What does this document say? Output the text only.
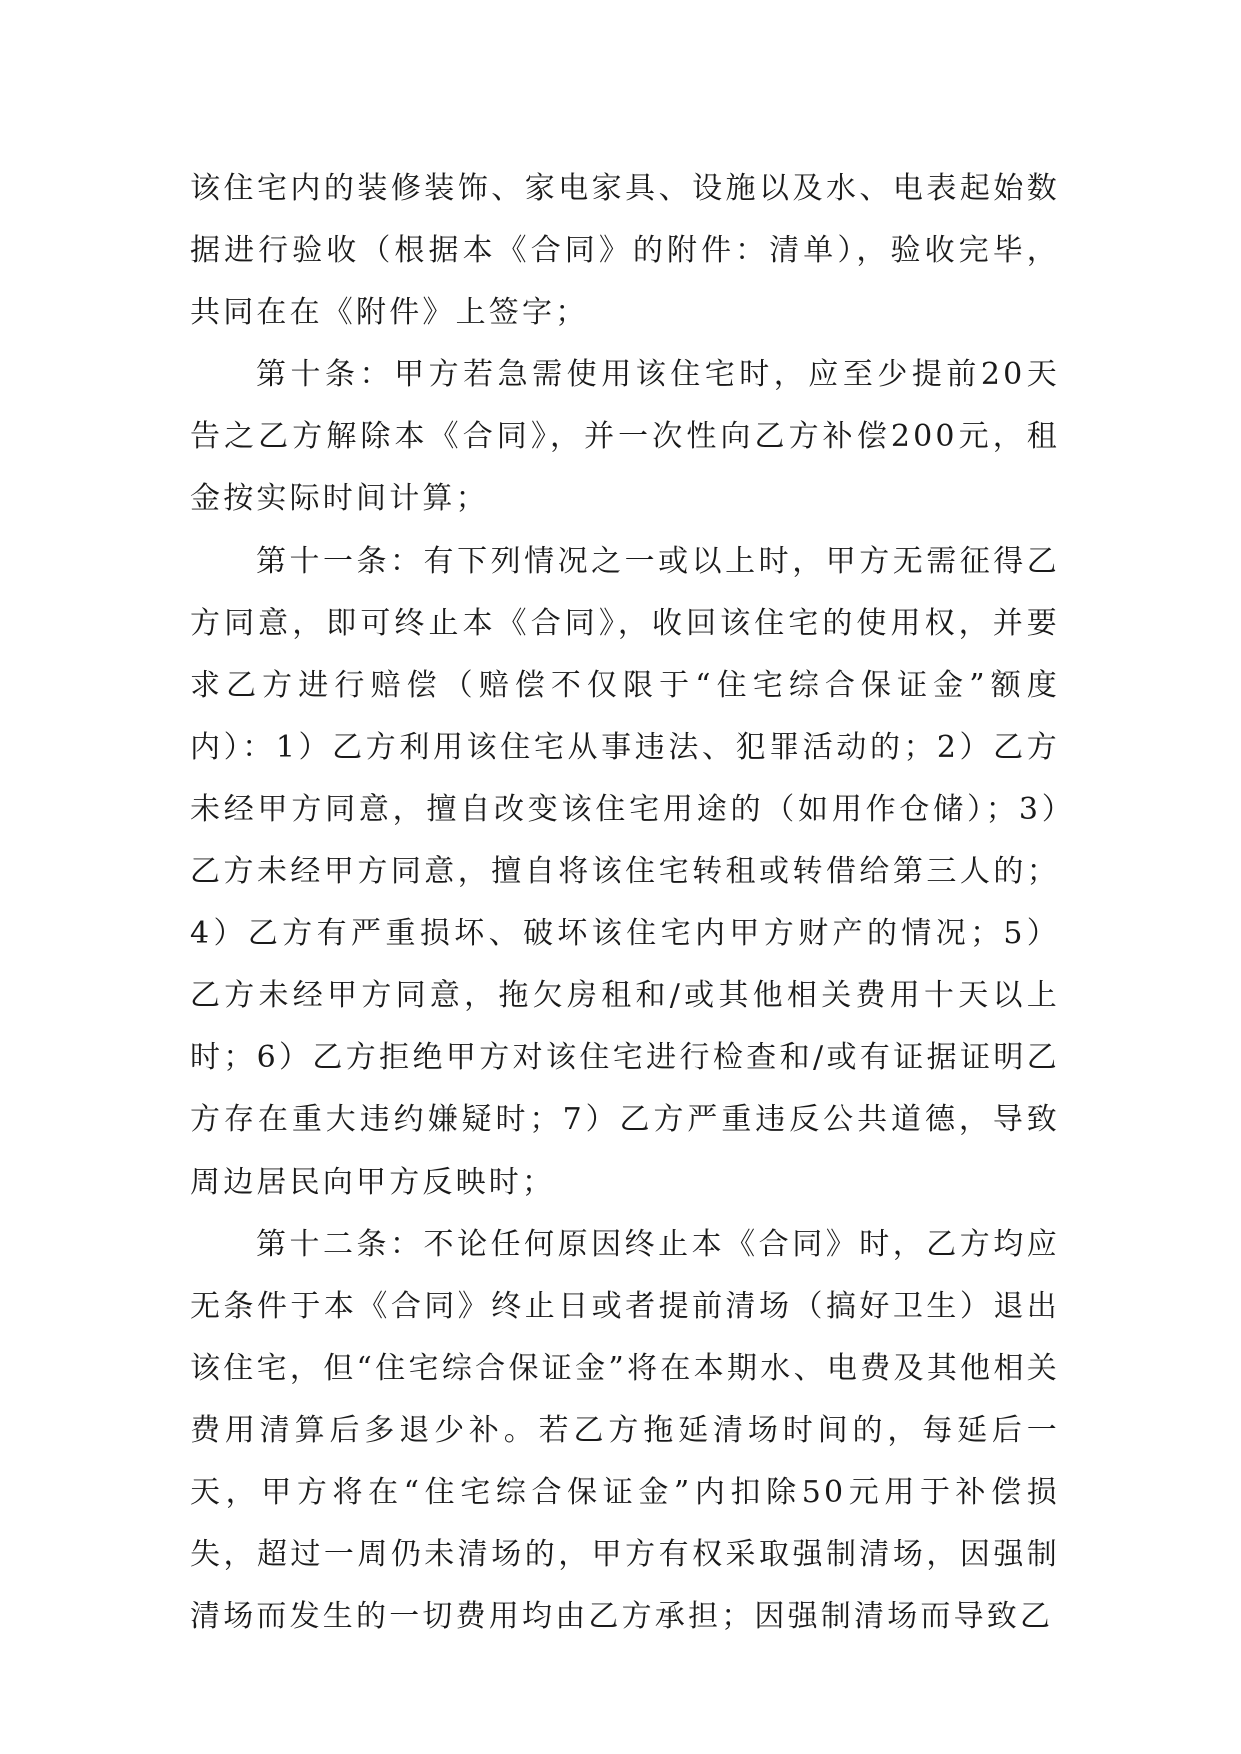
该住宅内的装修装饰、家电家具、设施以及水、电表起始数据进行验收（根据本《合同》的附件：清单），验收完毕，共同在在《附件》上签字；

第十条：甲方若急需使用该住宅时，应至少提前20天告之乙方解除本《合同》，并一次性向乙方补偿200元，租金按实际时间计算；

第十一条：有下列情况之一或以上时，甲方无需征得乙方同意，即可终止本《合同》，收回该住宅的使用权，并要求乙方进行赔偿（赔偿不仅限于“住宅综合保证金”额度内）：1）乙方利用该住宅从事违法、犯罪活动的；2）乙方未经甲方同意，擅自改变该住宅用途的（如用作仓储）；3）乙方未经甲方同意，擅自将该住宅转租或转借给第三人的；4）乙方有严重损坏、破坏该住宅内甲方财产的情况；5）乙方未经甲方同意，拖欠房租和/或其他相关费用十天以上时；6）乙方拒绝甲方对该住宅进行检查和/或有证据证明乙方存在重大违约嫌疑时；7）乙方严重违反公共道德，导致周边居民向甲方反映时；

第十二条：不论任何原因终止本《合同》时，乙方均应无条件于本《合同》终止日或者提前清场（搞好卫生）退出该住宅，但“住宅综合保证金”将在本期水、电费及其他相关费用清算后多退少补。若乙方拖延清场时间的，每延后一天，甲方将在“住宅综合保证金”内扣除50元用于补偿损失，超过一周仍未清场的，甲方有权采取强制清场，因强制清场而发生的一切费用均由乙方承担；因强制清场而导致乙
